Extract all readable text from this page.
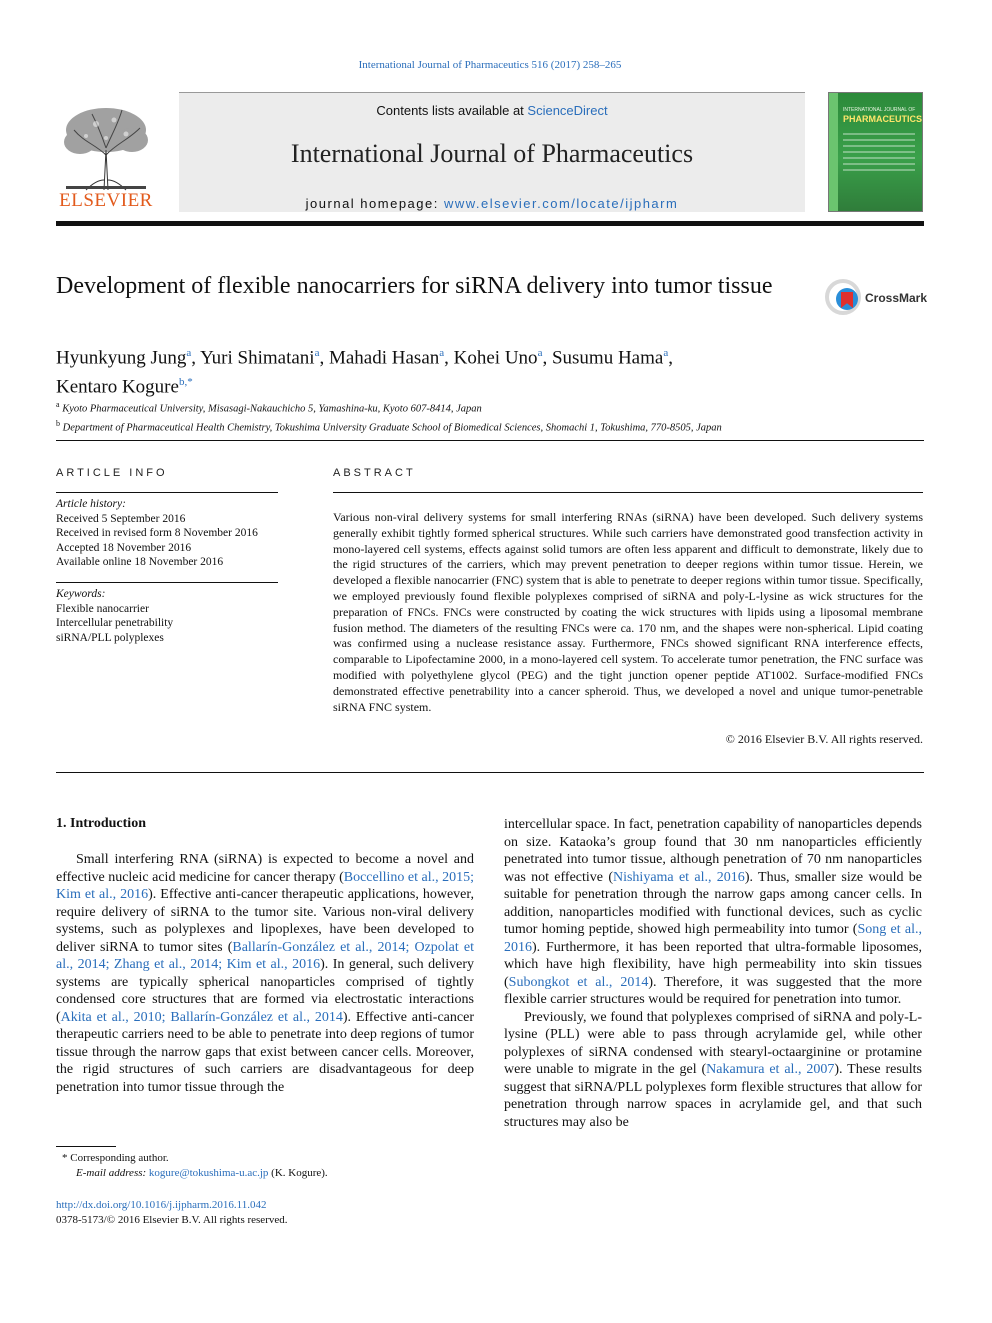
International Journal of Pharmaceutics 516 (2017) 258–265
ELSEVIER
Contents lists available at ScienceDirect
International Journal of Pharmaceutics
journal homepage: www.elsevier.com/locate/ijpharm
INTERNATIONAL JOURNAL OF
PHARMACEUTICS
Development of flexible nanocarriers for siRNA delivery into tumor tissue	CrossMark
Hyunkyung Jung$^a$, Yuri Shimatani$^a$, Mahadi Hasan$^a$, Kohei Uno$^a$, Susumu Hama$^a$,
Kentaro Kogure$^{b,*}$
$^a$ Kyoto Pharmaceutical University, Misasagi-Nakauchicho 5, Yamashina-ku, Kyoto 607-8414, Japan
$^b$ Department of Pharmaceutical Health Chemistry, Tokushima University Graduate School of Biomedical Sciences, Shomachi 1, Tokushima, 770-8505, Japan
ARTICLE INFO
Article history:
Received 5 September 2016
Received in revised form 8 November 2016
Accepted 18 November 2016
Available online 18 November 2016
Keywords:
Flexible nanocarrier
Intercellular penetrability
siRNA/PLL polyplexes
ABSTRACT
Various non-viral delivery systems for small interfering RNAs (siRNA) have been developed. Such delivery systems generally exhibit tightly formed spherical structures. While such carriers have demonstrated good transfection activity in mono-layered cell systems, effects against solid tumors are often less apparent and difficult to demonstrate, likely due to the rigid structures of the carriers, which may prevent penetration to deeper regions within tumor tissue. Herein, we developed a flexible nanocarrier (FNC) system that is able to penetrate to deeper regions within tumor tissue. Specifically, we employed previously found flexible polyplexes comprised of siRNA and poly-L-lysine as wick structures for the preparation of FNCs. FNCs were constructed by coating the wick structures with lipids using a liposomal membrane fusion method. The diameters of the resulting FNCs were ca. 170 nm, and the shapes were non-spherical. Lipid coating was confirmed using a nuclease resistance assay. Furthermore, FNCs showed significant RNA interference effects, comparable to Lipofectamine 2000, in a mono-layered cell system. To accelerate tumor penetration, the FNC surface was modified with polyethylene glycol (PEG) and the tight junction opener peptide AT1002. Surface-modified FNCs demonstrated effective penetrability into a cancer spheroid. Thus, we developed a novel and unique tumor-penetrable siRNA FNC system.
© 2016 Elsevier B.V. All rights reserved.
1. Introduction

Small interfering RNA (siRNA) is expected to become a novel and effective nucleic acid medicine for cancer therapy (Boccellino et al., 2015; Kim et al., 2016). Effective anti-cancer therapeutic applications, however, require delivery of siRNA to the tumor site. Various non-viral delivery systems, such as polyplexes and lipoplexes, have been developed to deliver siRNA to tumor sites (Ballarín-González et al., 2014; Ozpolat et al., 2014; Zhang et al., 2014; Kim et al., 2016). In general, such delivery systems are typically spherical nanoparticles comprised of tightly condensed core structures that are formed via electrostatic interactions (Akita et al., 2010; Ballarín-González et al., 2014). Effective anti-cancer therapeutic carriers need to be able to penetrate into deep regions of tumor tissue through the narrow gaps that exist between cancer cells. Moreover, the rigid structures of such carriers are disadvantageous for deep penetration into tumor tissue through the

intercellular space. In fact, penetration capability of nanoparticles depends on size. Kataoka’s group found that 30 nm nanoparticles efficiently penetrated into tumor tissue, although penetration of 70 nm nanoparticles was not effective (Nishiyama et al., 2016). Thus, smaller size would be suitable for penetration through the narrow gaps among cancer cells. In addition, nanoparticles modified with functional devices, such as cyclic tumor homing peptide, showed high permeability into tumor (Song et al., 2016). Furthermore, it has been reported that ultra-formable liposomes, which have high flexibility, have high permeability into skin tissues (Subongkot et al., 2014). Therefore, it was suggested that the more flexible carrier structures would be required for penetration into tumor.

Previously, we found that polyplexes comprised of siRNA and poly-L-lysine (PLL) were able to pass through acrylamide gel, while other polyplexes of siRNA condensed with stearyl-octaarginine or protamine were unable to migrate in the gel (Nakamura et al., 2007). These results suggest that siRNA/PLL polyplexes form flexible structures that allow for penetration through narrow spaces in acrylamide gel, and that such structures may also be

* Corresponding author.
E-mail address: kogure@tokushima-u.ac.jp (K. Kogure).
http://dx.doi.org/10.1016/j.ijpharm.2016.11.042
0378-5173/© 2016 Elsevier B.V. All rights reserved.
